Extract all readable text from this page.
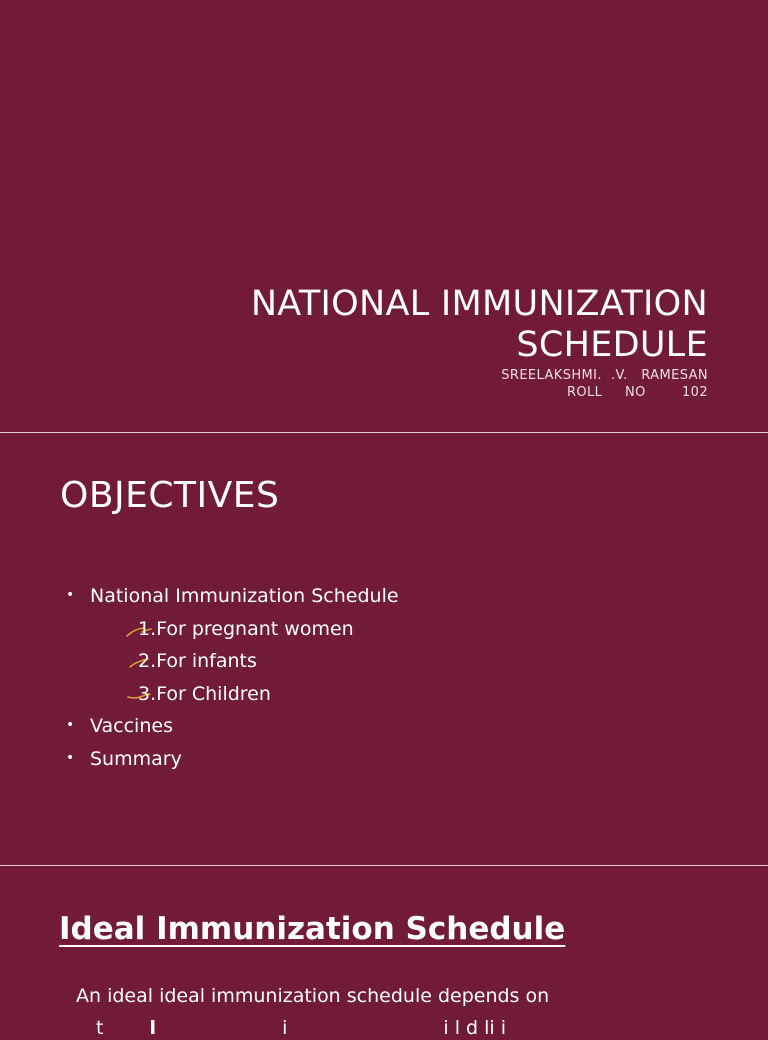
NATIONAL IMMUNIZATION
SCHEDULE
SREELAKSHMI.  .V.   RAMESAN
ROLL     NO        102
OBJECTIVES
• National Immunization Schedule
1.For pregnant women
2.For infants
3.For Children
• Vaccines
• Summary
Ideal Immunization Schedule
An ideal ideal immunization schedule depends on
t l	i	i l d li i
